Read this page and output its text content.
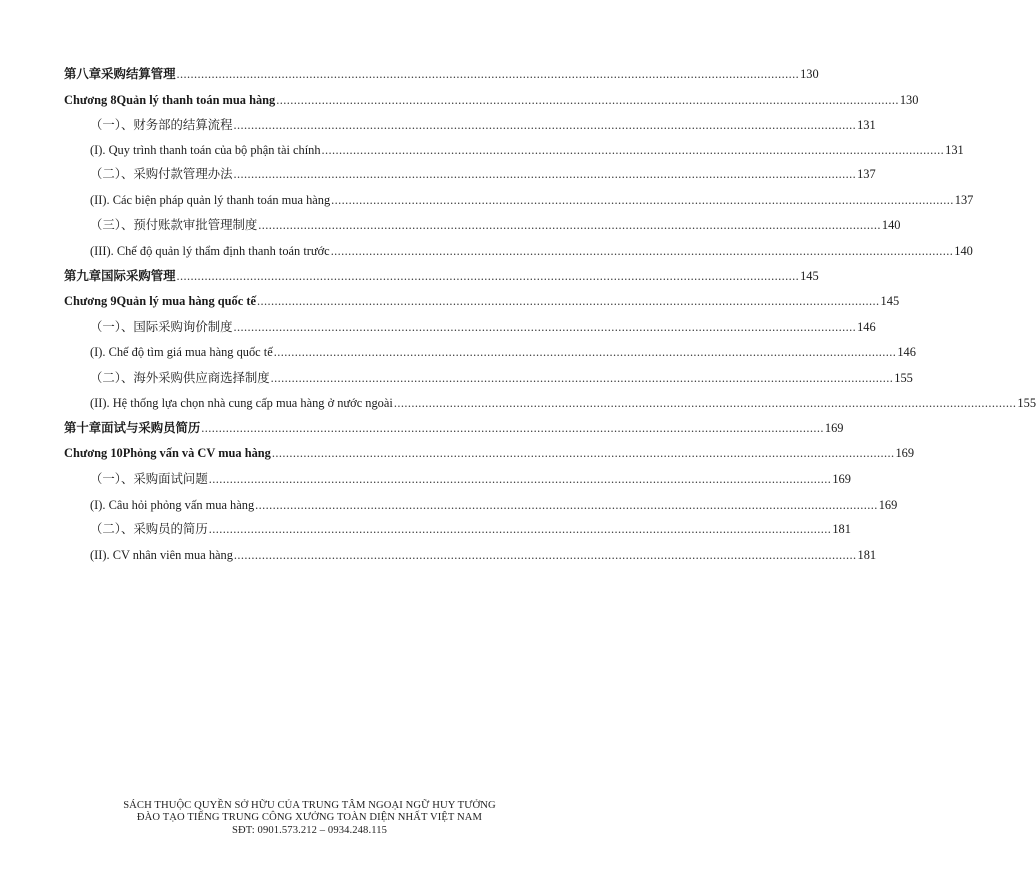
第八章采购结算管理 .................................................................................................................................................................................. 130
Chương 8 Quản lý thanh toán mua hàng .................................................................................................................................................................................. 130
（一）、财务部的结算流程 .................................................................................................................................................................................. 131
(I). Quy trình thanh toán của bộ phận tài chính .................................................................................................................................................................................. 131
（二）、采购付款管理办法 .................................................................................................................................................................................. 137
(II). Các biện pháp quản lý thanh toán mua hàng .................................................................................................................................................................................. 137
（三）、预付账款审批管理制度 .................................................................................................................................................................................. 140
(III). Chế độ quản lý thẩm định thanh toán trước .................................................................................................................................................................................. 140
第九章 国际采购管理 .................................................................................................................................................................................. 145
Chương 9 Quản lý mua hàng quốc tế .................................................................................................................................................................................. 145
（一）、国际采购询价制度 .................................................................................................................................................................................. 146
(I). Chế độ tìm giá mua hàng quốc tế .................................................................................................................................................................................. 146
（二）、海外采购供应商选择制度 .................................................................................................................................................................................. 155
(II). Hệ thống lựa chọn nhà cung cấp mua hàng ở nước ngoài .................................................................................................................................................................................. 155
第十章 面试与采购员简历 .................................................................................................................................................................................. 169
Chương 10 Phỏng vấn và CV mua hàng .................................................................................................................................................................................. 169
（一）、采购面试问题 .................................................................................................................................................................................. 169
(I). Câu hỏi phỏng vấn mua hàng .................................................................................................................................................................................. 169
（二）、采购员的简历 .................................................................................................................................................................................. 181
(II). CV nhân viên mua hàng .................................................................................................................................................................................. 181
SÁCH THUỘC QUYỀN SỞ HỮU CỦA TRUNG TÂM NGOẠI NGỮ HUY TƯỞNG
ĐÀO TẠO TIẾNG TRUNG CÔNG XƯỞNG TOÀN DIỆN NHẤT VIỆT NAM
SĐT: 0901.573.212 – 0934.248.115
